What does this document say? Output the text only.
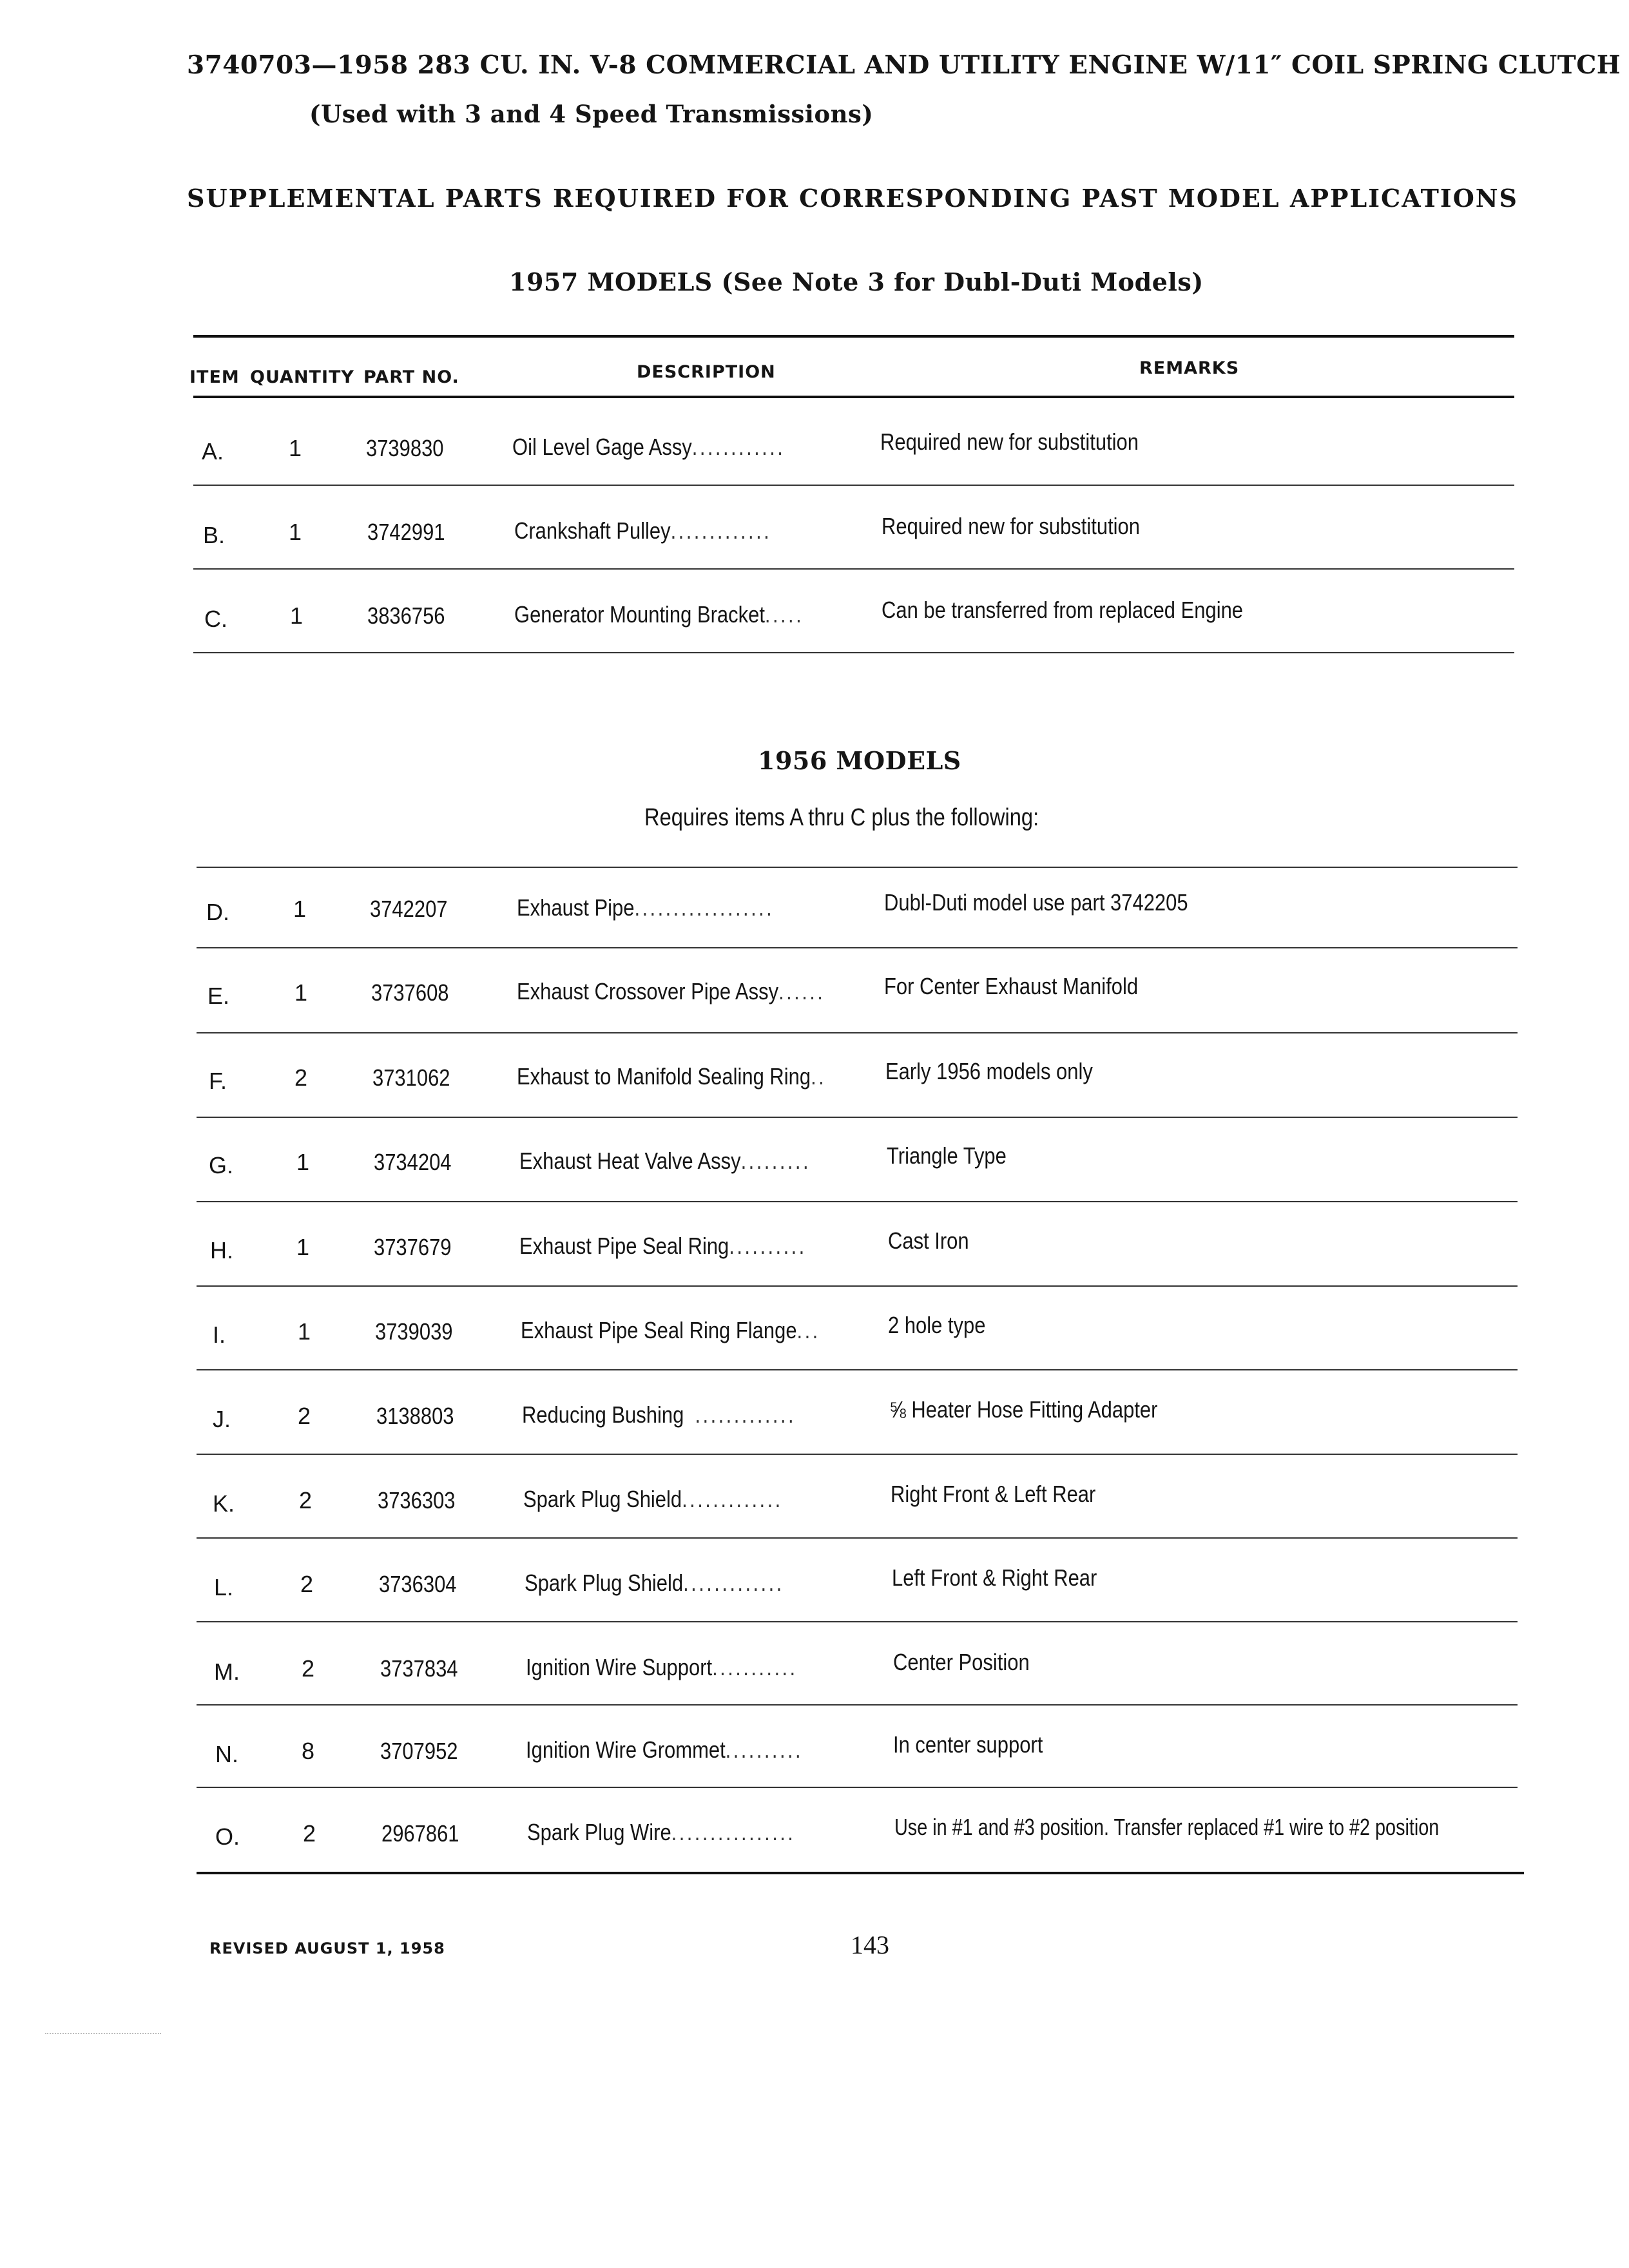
3740703—1958 283 CU. IN. V-8 COMMERCIAL AND UTILITY ENGINE W/11″ COIL SPRING CLUTCH
(Used with 3 and 4 Speed Transmissions)
SUPPLEMENTAL PARTS REQUIRED FOR CORRESPONDING PAST MODEL APPLICATIONS
1957 MODELS (See Note 3 for Dubl-Duti Models)
ITEM QUANTITY PART NO.	DESCRIPTION	REMARKS
A.	1	3739830	Oil Level Gage Assy............	Required new for substitution
B.	1	3742991	Crankshaft Pulley.............	Required new for substitution
C.	1	3836756	Generator Mounting Bracket.....	Can be transferred from replaced Engine
1956 MODELS
Requires items A thru C plus the following:
D.	1	3742207	Exhaust Pipe..................	Dubl-Duti model use part 3742205
E.	1	3737608	Exhaust Crossover Pipe Assy......	For Center Exhaust Manifold
F.	2	3731062	Exhaust to Manifold Sealing Ring..	Early 1956 models only
G.	1	3734204	Exhaust Heat Valve Assy.........	Triangle Type
H.	1	3737679	Exhaust Pipe Seal Ring..........	Cast Iron
I.	1	3739039	Exhaust Pipe Seal Ring Flange...	2 hole type
J.	2	3138803	Reducing Bushing .............	⅝ Heater Hose Fitting Adapter
K.	2	3736303	Spark Plug Shield.............	Right Front & Left Rear
L.	2	3736304	Spark Plug Shield.............	Left Front & Right Rear
M.	2	3737834	Ignition Wire Support...........	Center Position
N.	8	3707952	Ignition Wire Grommet..........	In center support
O.	2	2967861	Spark Plug Wire................	Use in #1 and #3 position. Transfer replaced #1 wire to #2 position
REVISED AUGUST 1, 1958	143
